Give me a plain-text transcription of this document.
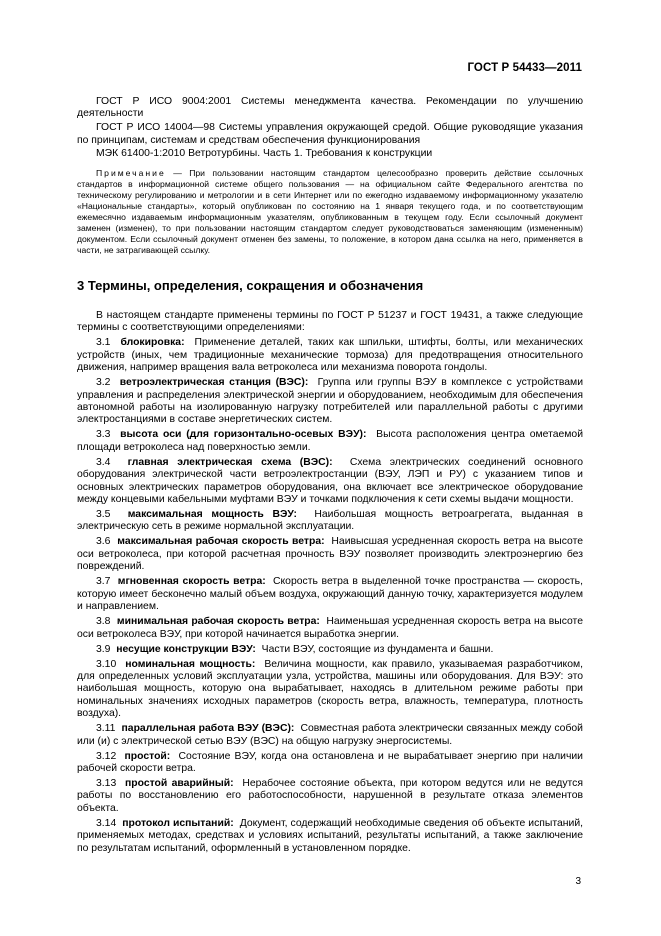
ГОСТ Р 54433—2011

ГОСТ Р ИСО 9004:2001 Системы менеджмента качества. Рекомендации по улучшению деятельности

ГОСТ Р ИСО 14004—98 Системы управления окружающей средой. Общие руководящие указания по принципам, системам и средствам обеспечения функционирования

МЭК 61400-1:2010 Ветротурбины. Часть 1. Требования к конструкции

Примечание — При пользовании настоящим стандартом целесообразно проверить действие ссылочных стандартов в информационной системе общего пользования — на официальном сайте Федерального агентства по техническому регулированию и метрологии и в сети Интернет или по ежегодно издаваемому информационному указателю «Национальные стандарты», который опубликован по состоянию на 1 января текущего года, и по соответствующим ежемесячно издаваемым информационным указателям, опубликованным в текущем году. Если ссылочный документ заменен (изменен), то при пользовании настоящим стандартом следует руководствоваться заменяющим (измененным) документом. Если ссылочный документ отменен без замены, то положение, в котором дана ссылка на него, применяется в части, не затрагивающей ссылку.

3 Термины, определения, сокращения и обозначения

В настоящем стандарте применены термины по ГОСТ Р 51237 и ГОСТ 19431, а также следующие термины с соответствующими определениями:

3.1 блокировка: Применение деталей, таких как шпильки, штифты, болты, или механических устройств (иных, чем традиционные механические тормоза) для предотвращения относительного движения, например вращения вала ветроколеса или механизма поворота гондолы.

3.2 ветроэлектрическая станция (ВЭС): Группа или группы ВЭУ в комплексе с устройствами управления и распределения электрической энергии и оборудованием, необходимым для обеспечения автономной работы на изолированную нагрузку потребителей или параллельной работы с другими электростанциями в составе энергетических систем.

3.3 высота оси (для горизонтально-осевых ВЭУ): Высота расположения центра ометаемой площади ветроколеса над поверхностью земли.

3.4 главная электрическая схема (ВЭС): Схема электрических соединений основного оборудования электрической части ветроэлектростанции (ВЭУ, ЛЭП и РУ) с указанием типов и основных электрических параметров оборудования, она включает все электрическое оборудование между концевыми кабельными муфтами ВЭУ и точками подключения к сети схемы выдачи мощности.

3.5 максимальная мощность ВЭУ: Наибольшая мощность ветроагрегата, выданная в электрическую сеть в режиме нормальной эксплуатации.

3.6 максимальная рабочая скорость ветра: Наивысшая усредненная скорость ветра на высоте оси ветроколеса, при которой расчетная прочность ВЭУ позволяет производить электроэнергию без повреждений.

3.7 мгновенная скорость ветра: Скорость ветра в выделенной точке пространства — скорость, которую имеет бесконечно малый объем воздуха, окружающий данную точку, характеризуется модулем и направлением.

3.8 минимальная рабочая скорость ветра: Наименьшая усредненная скорость ветра на высоте оси ветроколеса ВЭУ, при которой начинается выработка энергии.

3.9 несущие конструкции ВЭУ: Части ВЭУ, состоящие из фундамента и башни.

3.10 номинальная мощность: Величина мощности, как правило, указываемая разработчиком, для определенных условий эксплуатации узла, устройства, машины или оборудования. Для ВЭУ: это наибольшая мощность, которую она вырабатывает, находясь в длительном режиме работы при номинальных значениях исходных параметров (скорость ветра, влажность, температура, плотность воздуха).

3.11 параллельная работа ВЭУ (ВЭС): Совместная работа электрически связанных между собой или (и) с электрической сетью ВЭУ (ВЭС) на общую нагрузку энергосистемы.

3.12 простой: Состояние ВЭУ, когда она остановлена и не вырабатывает энергию при наличии рабочей скорости ветра.

3.13 простой аварийный: Нерабочее состояние объекта, при котором ведутся или не ведутся работы по восстановлению его работоспособности, нарушенной в результате отказа элементов объекта.

3.14 протокол испытаний: Документ, содержащий необходимые сведения об объекте испытаний, применяемых методах, средствах и условиях испытаний, результаты испытаний, а также заключение по результатам испытаний, оформленный в установленном порядке.

3
